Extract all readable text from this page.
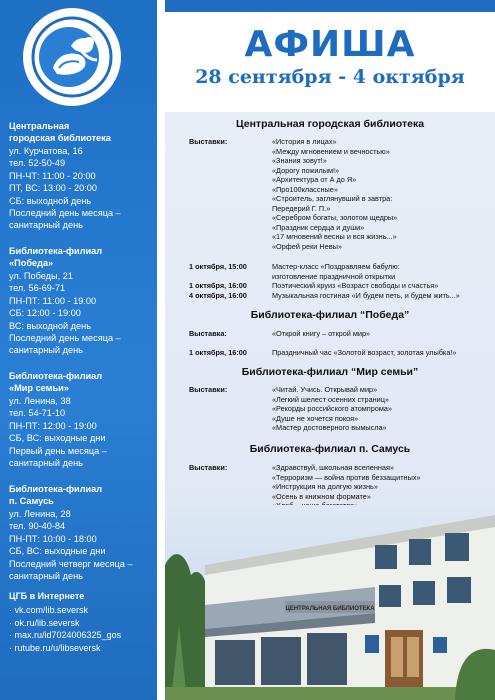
Центральная
городская библиотека
ул. Курчатова, 16
тел. 52-50-49
ПН-ЧТ: 11:00 - 20:00
ПТ, ВС: 13:00 - 20:00
СБ: выходной день
Последний день месяца –
санитарный день
Библиотека-филиал
«Победа»
ул. Победы, 21
тел. 56-69-71
ПН-ПТ: 11:00 - 19:00
СБ: 12:00 - 19:00
ВС: выходной день
Последний день месяца –
санитарный день
Библиотека-филиал
«Мир семьи»
ул. Ленина, 38
тел. 54-71-10
ПН-ПТ: 12:00 - 19:00
СБ, ВС: выходные дни
Первый день месяца –
санитарный день
Библиотека-филиал
п. Самусь
ул. Ленина, 28
тел. 90-40-84
ПН-ПТ: 10:00 - 18:00
СБ, ВС: выходные дни
Последний четверг месяца –
санитарный день
ЦГБ в Интернете
· vk.com/lib.seversk
· ok.ru/lib.seversk
· max.ru/id7024006325_gos
· rutube.ru/u/libseversk
АФИША
28 сентября - 4 октября
Центральная городская библиотека
Выставки:	«История в лицах»
«Между мгновением и вечностью»
«Знания зовут!»
«Дорогу пожилым!»
«Архитектура от А до Я»
«Про100классные»
«Строитель, заглянувший в завтра:
Передерий Г. П.»
«Серебром богаты, золотом щедры»
«Праздник сердца и души»
«17 мгновений весны и вся жизнь...»
«Орфей реки Невы»
1 октября, 15:00	Мастер-класс «Поздравляем бабулю:
изготовление праздничной открытки
1 октября, 16:00	Поэтический круиз «Возраст свободы и счастья»
4 октября, 16:00	Музыкальная гостиная «И будем петь, и будем жить...»
Библиотека-филиал “Победа”
Выставка:	«Открой книгу – открой мир»
1 октября, 16:00	Праздничный час «Золотой возраст, золотая улыбка!»
Библиотека-филиал “Мир семьи”
Выставки:	«Читай. Учись. Открывай мир»
«Легкий шелест осенних страниц»
«Рекорды российского атомпрома»
«Душе не хочется покоя»
«Мастер достоверного вымысла»
Библиотека-филиал п. Самусь
Выставки:	«Здравствуй, школьная вселенная»
«Терроризм — война против беззащитных»
«Инструкция на долгую жизнь»
«Осень в книжном формате»
ЦЕНТРАЛЬНАЯ БИБЛИОТЕКА
